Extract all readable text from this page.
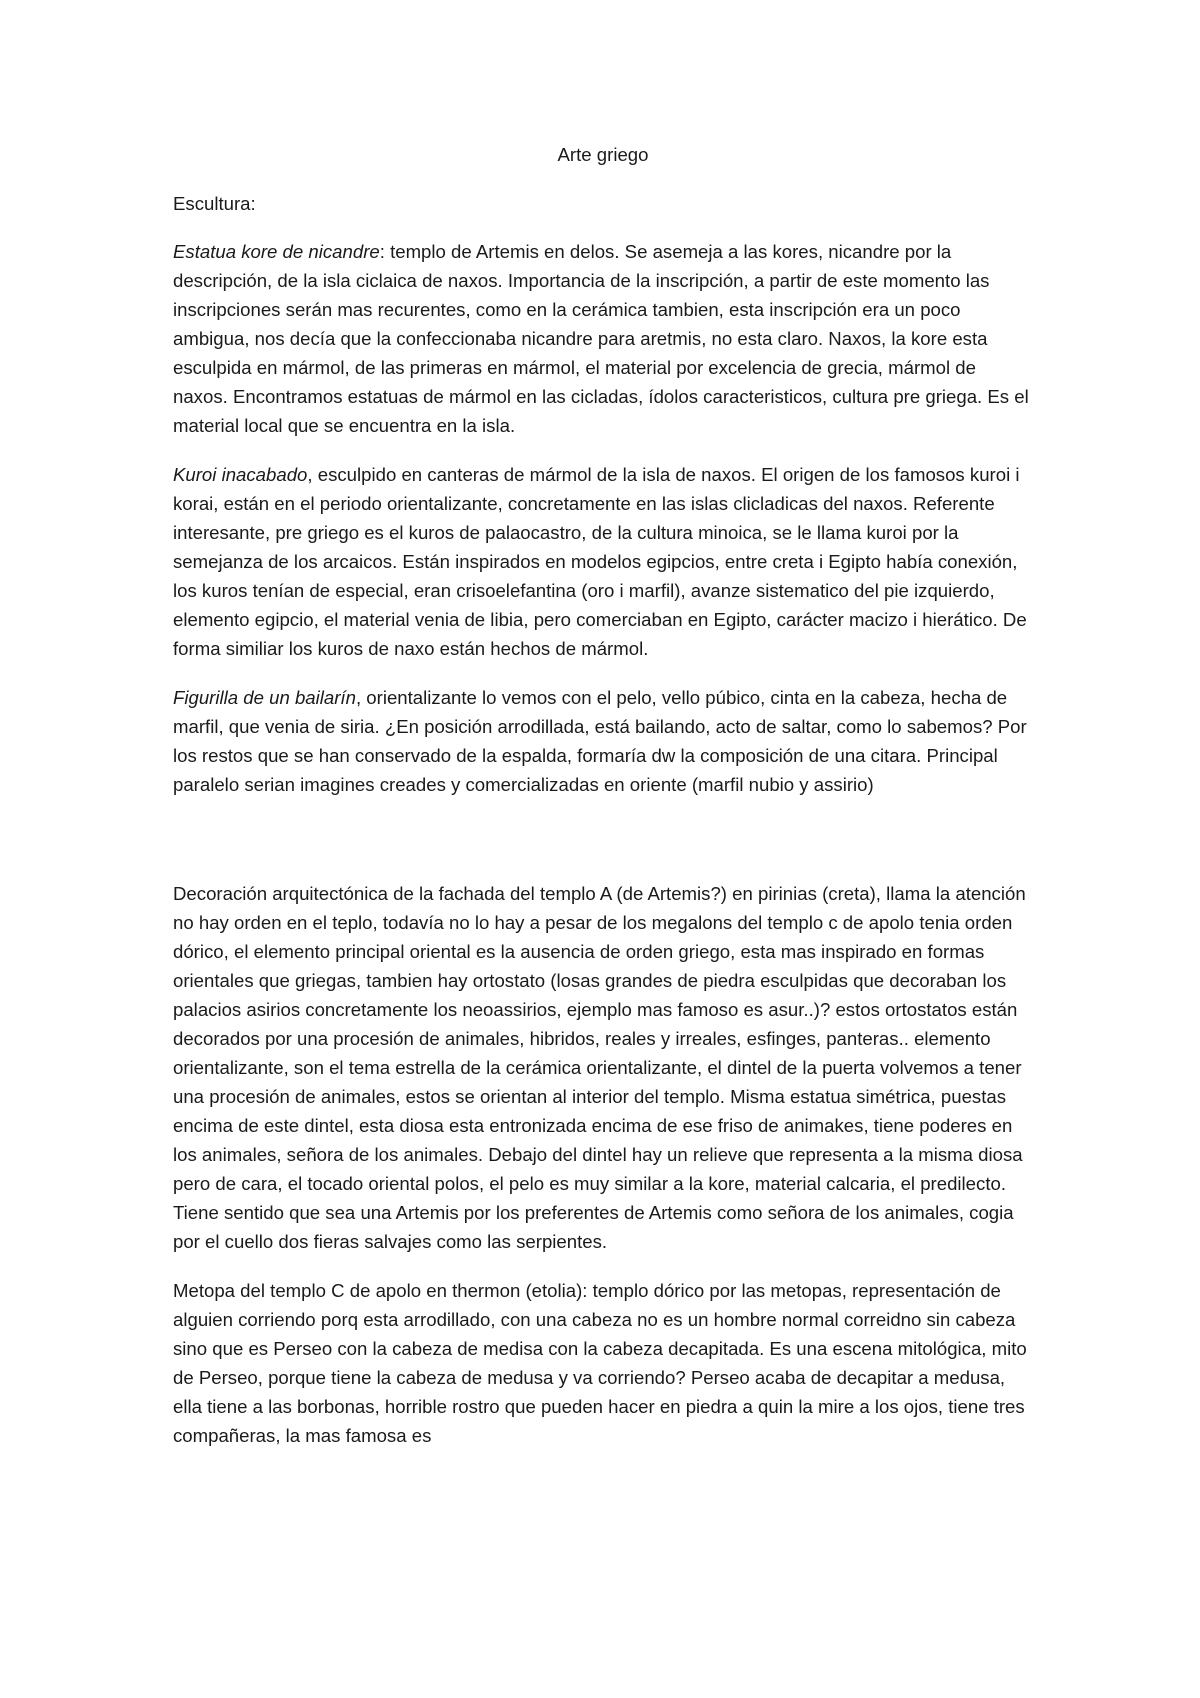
Arte griego
Escultura:

Estatua kore de nicandre: templo de Artemis en delos. Se asemeja a las kores, nicandre por la descripción, de la isla ciclaica de naxos. Importancia de la inscripción, a partir de este momento las inscripciones serán mas recurentes, como en la cerámica tambien, esta inscripción era un poco ambigua, nos decía que la confeccionaba nicandre para aretmis, no esta claro. Naxos, la kore esta esculpida en mármol, de las primeras en mármol, el material por excelencia de grecia, mármol de naxos. Encontramos estatuas de mármol en las cicladas, ídolos caracteristicos, cultura pre griega. Es el material local que se encuentra en la isla.

Kuroi inacabado, esculpido en canteras de mármol de la isla de naxos. El origen de los famosos kuroi i korai, están en el periodo orientalizante, concretamente en las islas clicladicas del naxos. Referente interesante, pre griego es el kuros de palaocastro, de la cultura minoica, se le llama kuroi por la semejanza de los arcaicos. Están inspirados en modelos egipcios, entre creta i Egipto había conexión, los kuros tenían de especial, eran crisoelefantina (oro i marfil), avanze sistematico del pie izquierdo, elemento egipcio, el material venia de libia, pero comerciaban en Egipto, carácter macizo i hierático. De forma similiar los kuros de naxo están hechos de mármol.

Figurilla de un bailarín, orientalizante lo vemos con el pelo, vello púbico, cinta en la cabeza, hecha de marfil, que venia de siria. ¿En posición arrodillada, está bailando, acto de saltar, como lo sabemos? Por los restos que se han conservado de la espalda, formaría dw la composición de una citara. Principal paralelo serian imagines creades y comercializadas en oriente (marfil nubio y assirio)

Decoración arquitectónica de la fachada del templo A (de Artemis?) en pirinias (creta), llama la atención no hay orden en el teplo, todavía no lo hay a pesar de los megalons del templo c de apolo tenia orden dórico, el elemento principal oriental es la ausencia de orden griego, esta mas inspirado en formas orientales que griegas, tambien hay ortostato (losas grandes de piedra esculpidas que decoraban los palacios asirios concretamente los neoassirios, ejemplo mas famoso es asur..)? estos ortostatos están decorados por una procesión de animales, hibridos, reales y irreales, esfinges, panteras.. elemento orientalizante, son el tema estrella de la cerámica orientalizante, el dintel de la puerta volvemos a tener una procesión de animales, estos se orientan al interior del templo. Misma estatua simétrica, puestas encima de este dintel, esta diosa esta entronizada encima de ese friso de animakes, tiene poderes en los animales, señora de los animales. Debajo del dintel hay un relieve que representa a la misma diosa pero de cara, el tocado oriental polos, el pelo es muy similar a la kore, material calcaria, el predilecto. Tiene sentido que sea una Artemis por los preferentes de Artemis como señora de los animales, cogia por el cuello dos fieras salvajes como las serpientes.

Metopa del templo C de apolo en thermon (etolia): templo dórico por las metopas, representación de alguien corriendo porq esta arrodillado, con una cabeza no es un hombre normal correidno sin cabeza sino que es Perseo con la cabeza de medisa con la cabeza decapitada. Es una escena mitológica, mito de Perseo, porque tiene la cabeza de medusa y va corriendo? Perseo acaba de decapitar a medusa, ella tiene a las borbonas, horrible rostro que pueden hacer en piedra a quin la mire a los ojos, tiene tres compañeras, la mas famosa es
